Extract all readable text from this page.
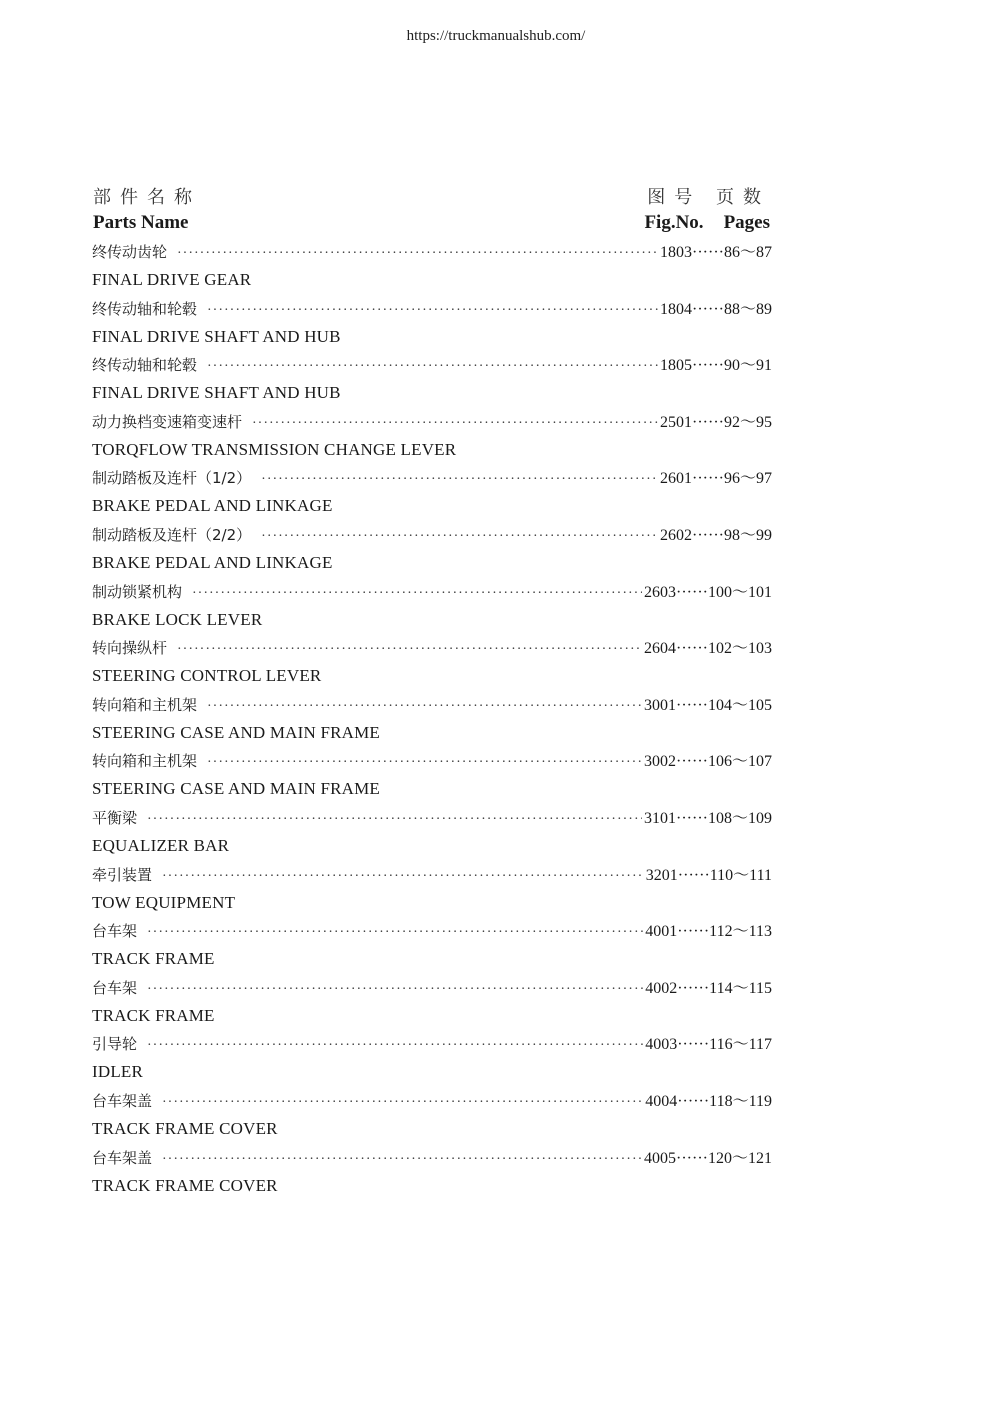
https://truckmanualshub.com/
部件名称	图号 页数
Parts Name	Fig.No. Pages
终传动齿轮 ·····	1803 ······ 86～87
FINAL DRIVE GEAR
终传动轴和轮毂 ·····	1804 ······ 88～89
FINAL DRIVE SHAFT AND HUB
终传动轴和轮毂 ·····	1805 ······ 90～91
FINAL DRIVE SHAFT AND HUB
动力换档变速箱变速杆 ·····	2501 ······ 92～95
TORQFLOW TRANSMISSION CHANGE LEVER
制动踏板及连杆（1/2） ·····	2601 ······ 96～97
BRAKE PEDAL AND LINKAGE
制动踏板及连杆（2/2） ·····	2602 ······ 98～99
BRAKE PEDAL AND LINKAGE
制动锁紧机构 ·····	2603 ······ 100～101
BRAKE LOCK LEVER
转向操纵杆 ·····	2604 ······ 102～103
STEERING CONTROL LEVER
转向箱和主机架 ·····	3001 ······ 104～105
STEERING CASE AND MAIN FRAME
转向箱和主机架 ·····	3002 ······ 106～107
STEERING CASE AND MAIN FRAME
平衡梁 ·····	3101 ······ 108～109
EQUALIZER BAR
牵引装置 ·····	3201 ······ 110～111
TOW EQUIPMENT
台车架 ·····	4001 ······ 112～113
TRACK FRAME
台车架 ·····	4002 ······ 114～115
TRACK FRAME
引导轮 ·····	4003 ······ 116～117
IDLER
台车架盖 ·····	4004 ······ 118～119
TRACK FRAME COVER
台车架盖 ·····	4005 ······ 120～121
TRACK FRAME COVER
